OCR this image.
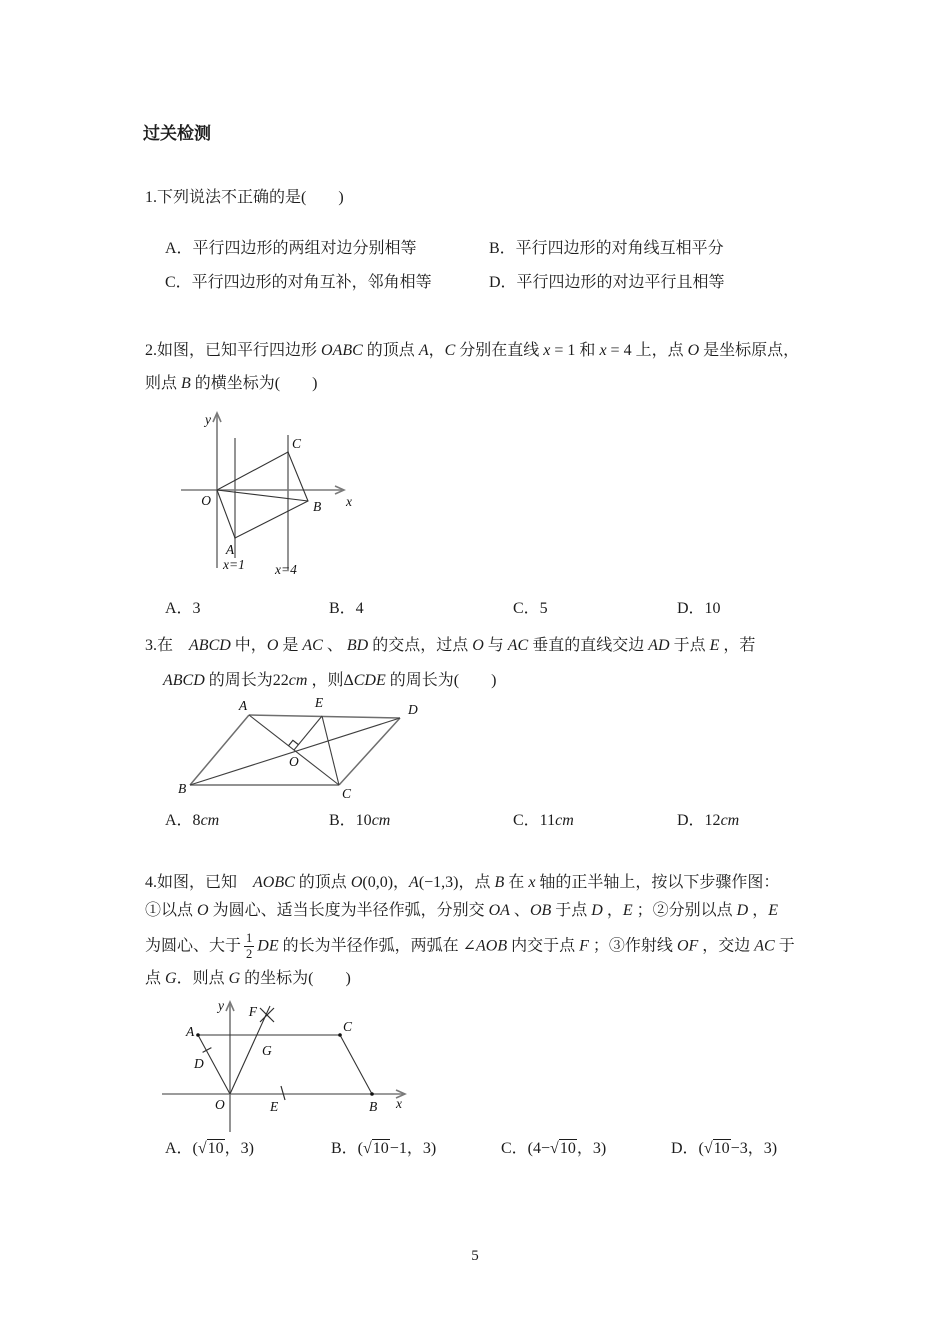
过关检测
1.下列说法不正确的是(　　)
A．平行四边形的两组对边分别相等	B．平行四边形的对角线互相平分
C．平行四边形的对角互补，邻角相等	D．平行四边形的对边平行且相等
2.如图，已知平行四边形 OABC 的顶点 A，C 分别在直线 x = 1 和 x = 4 上，点 O 是坐标原点，
则点 B 的横坐标为(　　)
y
x
O
A
B
C
x=1 x=4
A．3	B．4	C．5	D．10
3.在　ABCD 中，O 是 AC 、 BD 的交点，过点 O 与 AC 垂直的直线交边 AD 于点 E ，若
ABCD 的周长为22cm ，则ΔCDE 的周长为(　　)
A	E	D
B	C
O
A．8cm	B．10cm	C．11cm	D．12cm
4.如图，已知　AOBC 的顶点 O(0,0)，A(−1,3)，点 B 在 x 轴的正半轴上，按以下步骤作图：
①以点 O 为圆心、适当长度为半径作弧，分别交 OA 、OB 于点 D ，E ；②分别以点 D ，E
为圆心、大于 $\frac{1}{2}$ DE 的长为半径作弧，两弧在 ∠AOB 内交于点 F ；③作射线 OF ，交边 AC 于
点 G．则点 G 的坐标为(　　)
y
x
O
A
B
C
D
E
F
G
A．(√10，3)	B．(√10−1，3)	C．(4−√10，3)	D．(√10−3，3)
5
